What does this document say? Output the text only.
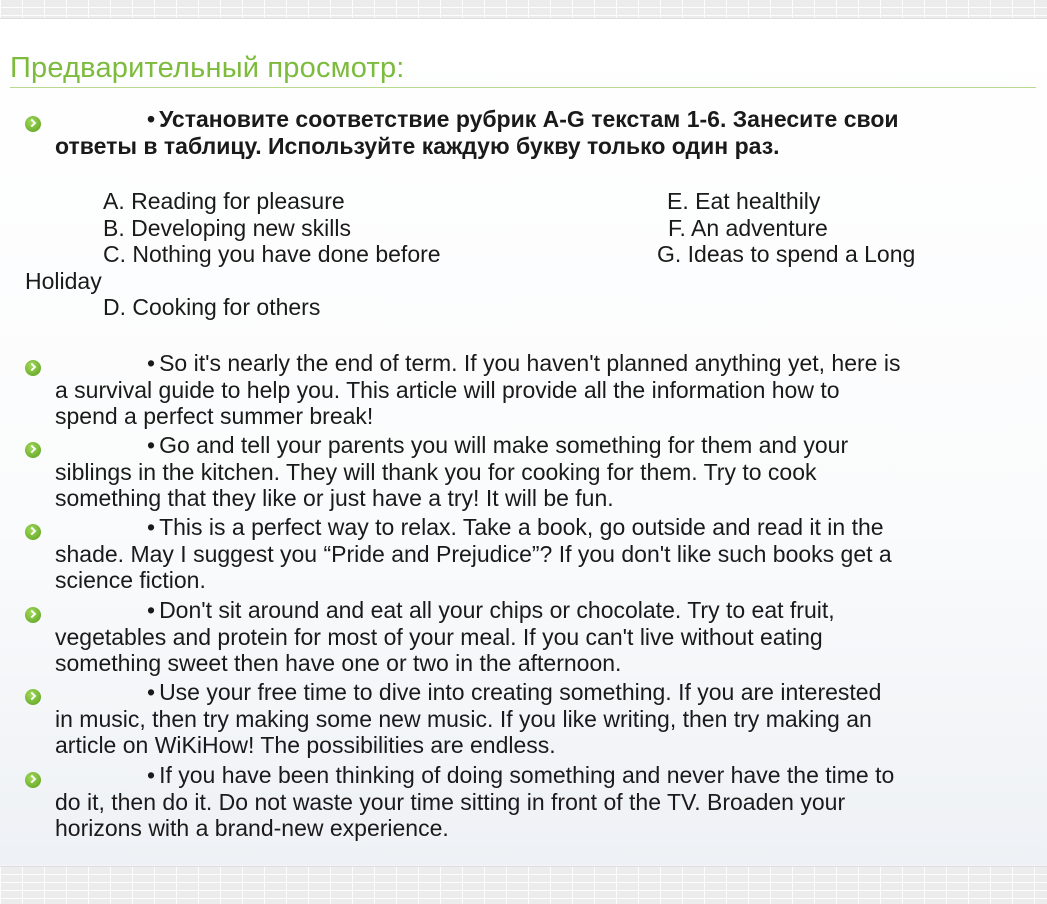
Предварительный просмотр:
• Установите соответствие рубрик A-G текстам 1-6. Занесите свои
ответы в таблицу. Используйте каждую букву только один раз.
A. Reading for pleasure
B. Developing new skills
C. Nothing you have done before
Holiday
D. Cooking for others
E. Eat healthily
F. An adventure
G. Ideas to spend a Long
• So it's nearly the end of term. If you haven't planned anything yet, here is
a survival guide to help you. This article will provide all the information how to
spend a perfect summer break!
• Go and tell your parents you will make something for them and your
siblings in the kitchen. They will thank you for cooking for them. Try to cook
something that they like or just have a try! It will be fun.
• This is a perfect way to relax. Take a book, go outside and read it in the
shade. May I suggest you “Pride and Prejudice”? If you don't like such books get a
science fiction.
• Don't sit around and eat all your chips or chocolate. Try to eat fruit,
vegetables and protein for most of your meal. If you can't live without eating
something sweet then have one or two in the afternoon.
• Use your free time to dive into creating something. If you are interested
in music, then try making some new music. If you like writing, then try making an
article on WiKiHow! The possibilities are endless.
• If you have been thinking of doing something and never have the time to
do it, then do it. Do not waste your time sitting in front of the TV. Broaden your
horizons with a brand-new experience.
